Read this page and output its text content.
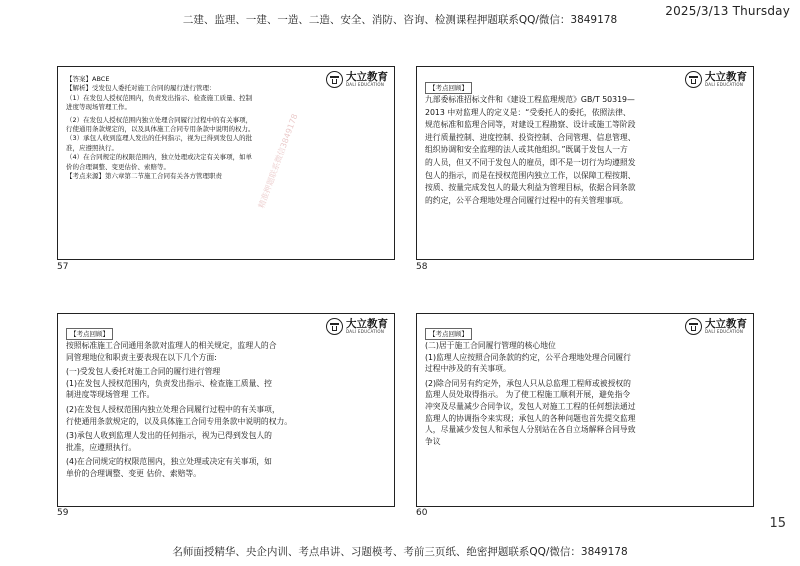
二建、监理、一建、一造、二造、安全、消防、咨询、检测课程押题联系QQ/微信：3849178
2025/3/13 Thursday
大立教育
DALI EDUCATION

【答案】ABCE

【解析】受发包人委托对施工合同的履行进行管理：

（1）在发包人授权范围内，负责发出指示、检查施工质量、控制

进度等现场管理工作。

（2）在发包人授权范围内独立处理合同履行过程中的有关事项，

行使通用条款规定的，以及具体施工合同专用条款中说明的权力。

（3）承包人收到监理人发出的任何指示，视为已得到发包人的批

准，应遵照执行。

（4）在合同规定的权限范围内，独立处理或决定有关事项，如单

价的合理调整、变更估价、索赔等。

【考点来源】第六章第二节施工合同有关各方管理职责

57
大立教育
DALI EDUCATION
【考点回顾】

九部委标准招标文件和《建设工程监理规范》GB/T 50319—

2013 中对监理人的定义是：“受委托人的委托，依照法律、

规范标准和监理合同等，对建设工程勘察、设计或施工等阶段

进行质量控制、进度控制、投资控制、合同管理、信息管理、

组织协调和安全监理的法人或其他组织。”既属于发包人一方

的人员，但又不同于发包人的雇员，即不是一切行为均遵照发

包人的指示，而是在授权范围内独立工作，以保障工程按期、

按质、按量完成发包人的最大利益为管理目标，依据合同条款

的约定，公平合理地处理合同履行过程中的有关管理事项。

58
大立教育
DALI EDUCATION
【考点回顾】

按照标准施工合同通用条款对监理人的相关规定，监理人的合

同管理地位和职责主要表现在以下几个方面:

(一)受发包人委托对施工合同的履行进行管理

(1)在发包人授权范围内，负责发出指示、检查施工质量、控

制进度等现场管理 工作。

(2)在发包人授权范围内独立处理合同履行过程中的有关事项，

行使通用条款规定的，以及具体施工合同专用条款中说明的权力。

(3)承包人收到监理人发出的任何指示，视为已得到发包人的

批准，应遵照执行。

(4)在合同规定的权限范围内，独立处理或决定有关事项，如

单价的合理调整、变更 估价、索赔等。

59
大立教育
DALI EDUCATION
【考点回顾】

(二)居于施工合同履行管理的核心地位

(1)监理人应按照合同条款的约定，公平合理地处理合同履行

过程中涉及的有关事项。

(2)除合同另有约定外，承包人只从总监理工程师或被授权的

监理人员处取得指示。 为了使工程施工顺利开展，避免指令

冲突及尽量减少合同争议，发包人对施工工程的任何想法通过

监理人的协调指令来实现；承包人的各种问题也首先提交监理

人，尽量减少发包人和承包人分别站在各自立场解释合同导致

争议

60
精准押题联系微信3849178
15
名师面授精华、央企内训、考点串讲、习题模考、考前三页纸、绝密押题联系QQ/微信：3849178
